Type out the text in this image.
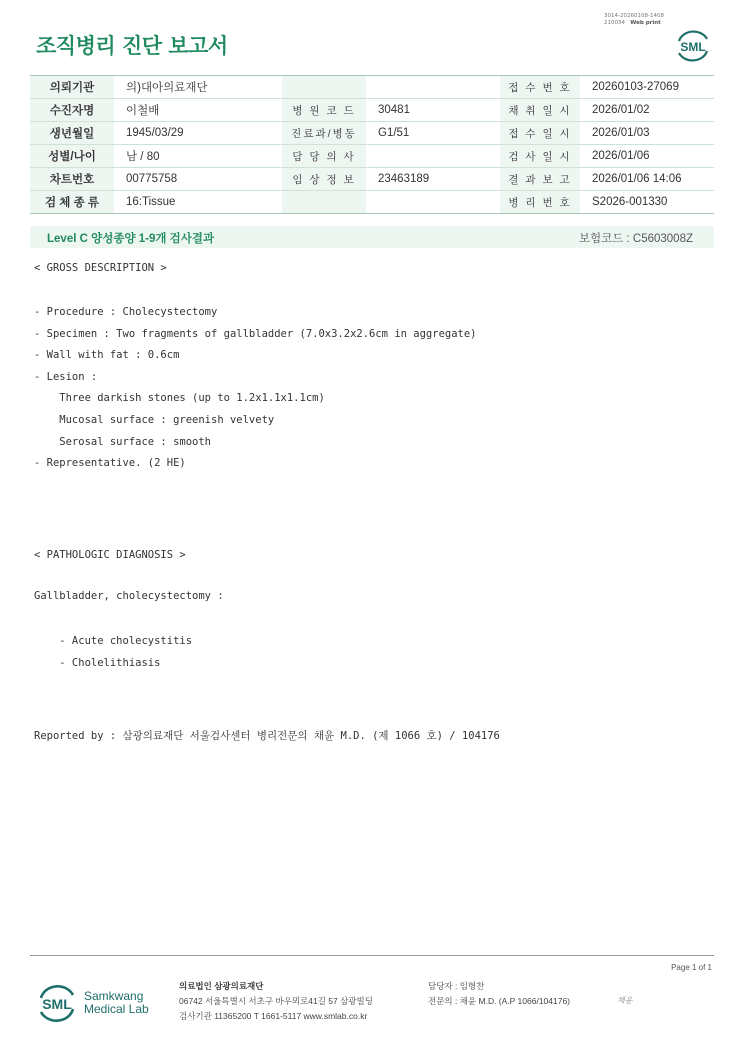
3014-20260108-1408
210034 Web print
조직병리 진단 보고서	SML
의뢰기관	의)대아의료재단			접 수 번 호	20260103-27069
수진자명	이철배	병 원 코 드	30481	채 취 일 시	2026/01/02
생년월일	1945/03/29	진료과/병동	G1/51	접 수 일 시	2026/01/03
성별/나이	남 / 80	담 당 의 사		검 사 일 시	2026/01/06
차트번호	00775758	임 상 정 보	23463189	결 과 보 고	2026/01/06 14:06
검 체 종 류	16:Tissue			병 리 번 호	S2026-001330
Level C 양성종양 1-9개 검사결과	보험코드 : C5603008Z
< GROSS DESCRIPTION >
- Procedure : Cholecystectomy
- Specimen : Two fragments of gallbladder (7.0x3.2x2.6cm in aggregate)
- Wall with fat : 0.6cm
- Lesion :
Three darkish stones (up to 1.2x1.1x1.1cm)
Mucosal surface : greenish velvety
Serosal surface : smooth
- Representative. (2 HE)
< PATHOLOGIC DIAGNOSIS >
Gallbladder, cholecystectomy :
- Acute cholecystitis
- Cholelithiasis
Reported by : 삼광의료재단 서울검사센터 병리전문의 채윤 M.D. (제 1066 호) / 104176
Page 1 of 1
SML Samkwang
Medical Lab
의료법인 삼광의료재단
06742 서울특별시 서초구 바우뫼로41길 57 삼광빌딩
검사기관 11365200 T 1661-5117 www.smlab.co.kr
담당자 : 임형찬
전문의 : 채윤 M.D. (A.P 1066/104176)	채윤
